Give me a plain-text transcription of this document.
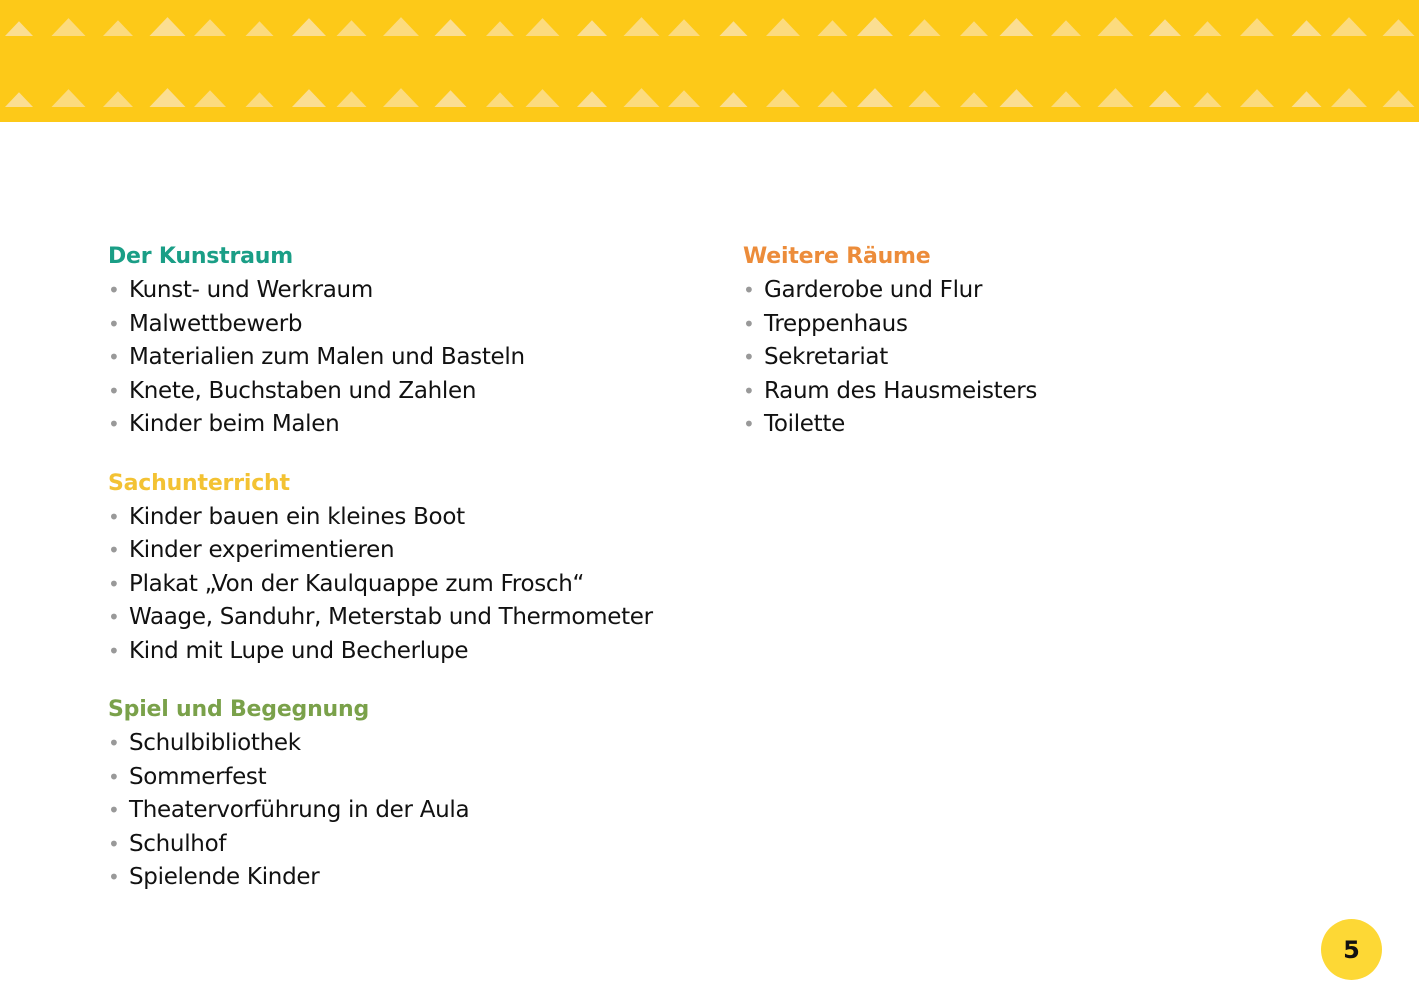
Der Kunstraum
• Kunst- und Werkraum
• Malwettbewerb
• Materialien zum Malen und Basteln
• Knete, Buchstaben und Zahlen
• Kinder beim Malen
Sachunterricht
• Kinder bauen ein kleines Boot
• Kinder experimentieren
• Plakat „Von der Kaulquappe zum Frosch“
• Waage, Sanduhr, Meterstab und Thermometer
• Kind mit Lupe und Becherlupe
Spiel und Begegnung
• Schulbibliothek
• Sommerfest
• Theatervorführung in der Aula
• Schulhof
• Spielende Kinder
Weitere Räume
• Garderobe und Flur
• Treppenhaus
• Sekretariat
• Raum des Hausmeisters
• Toilette
5
